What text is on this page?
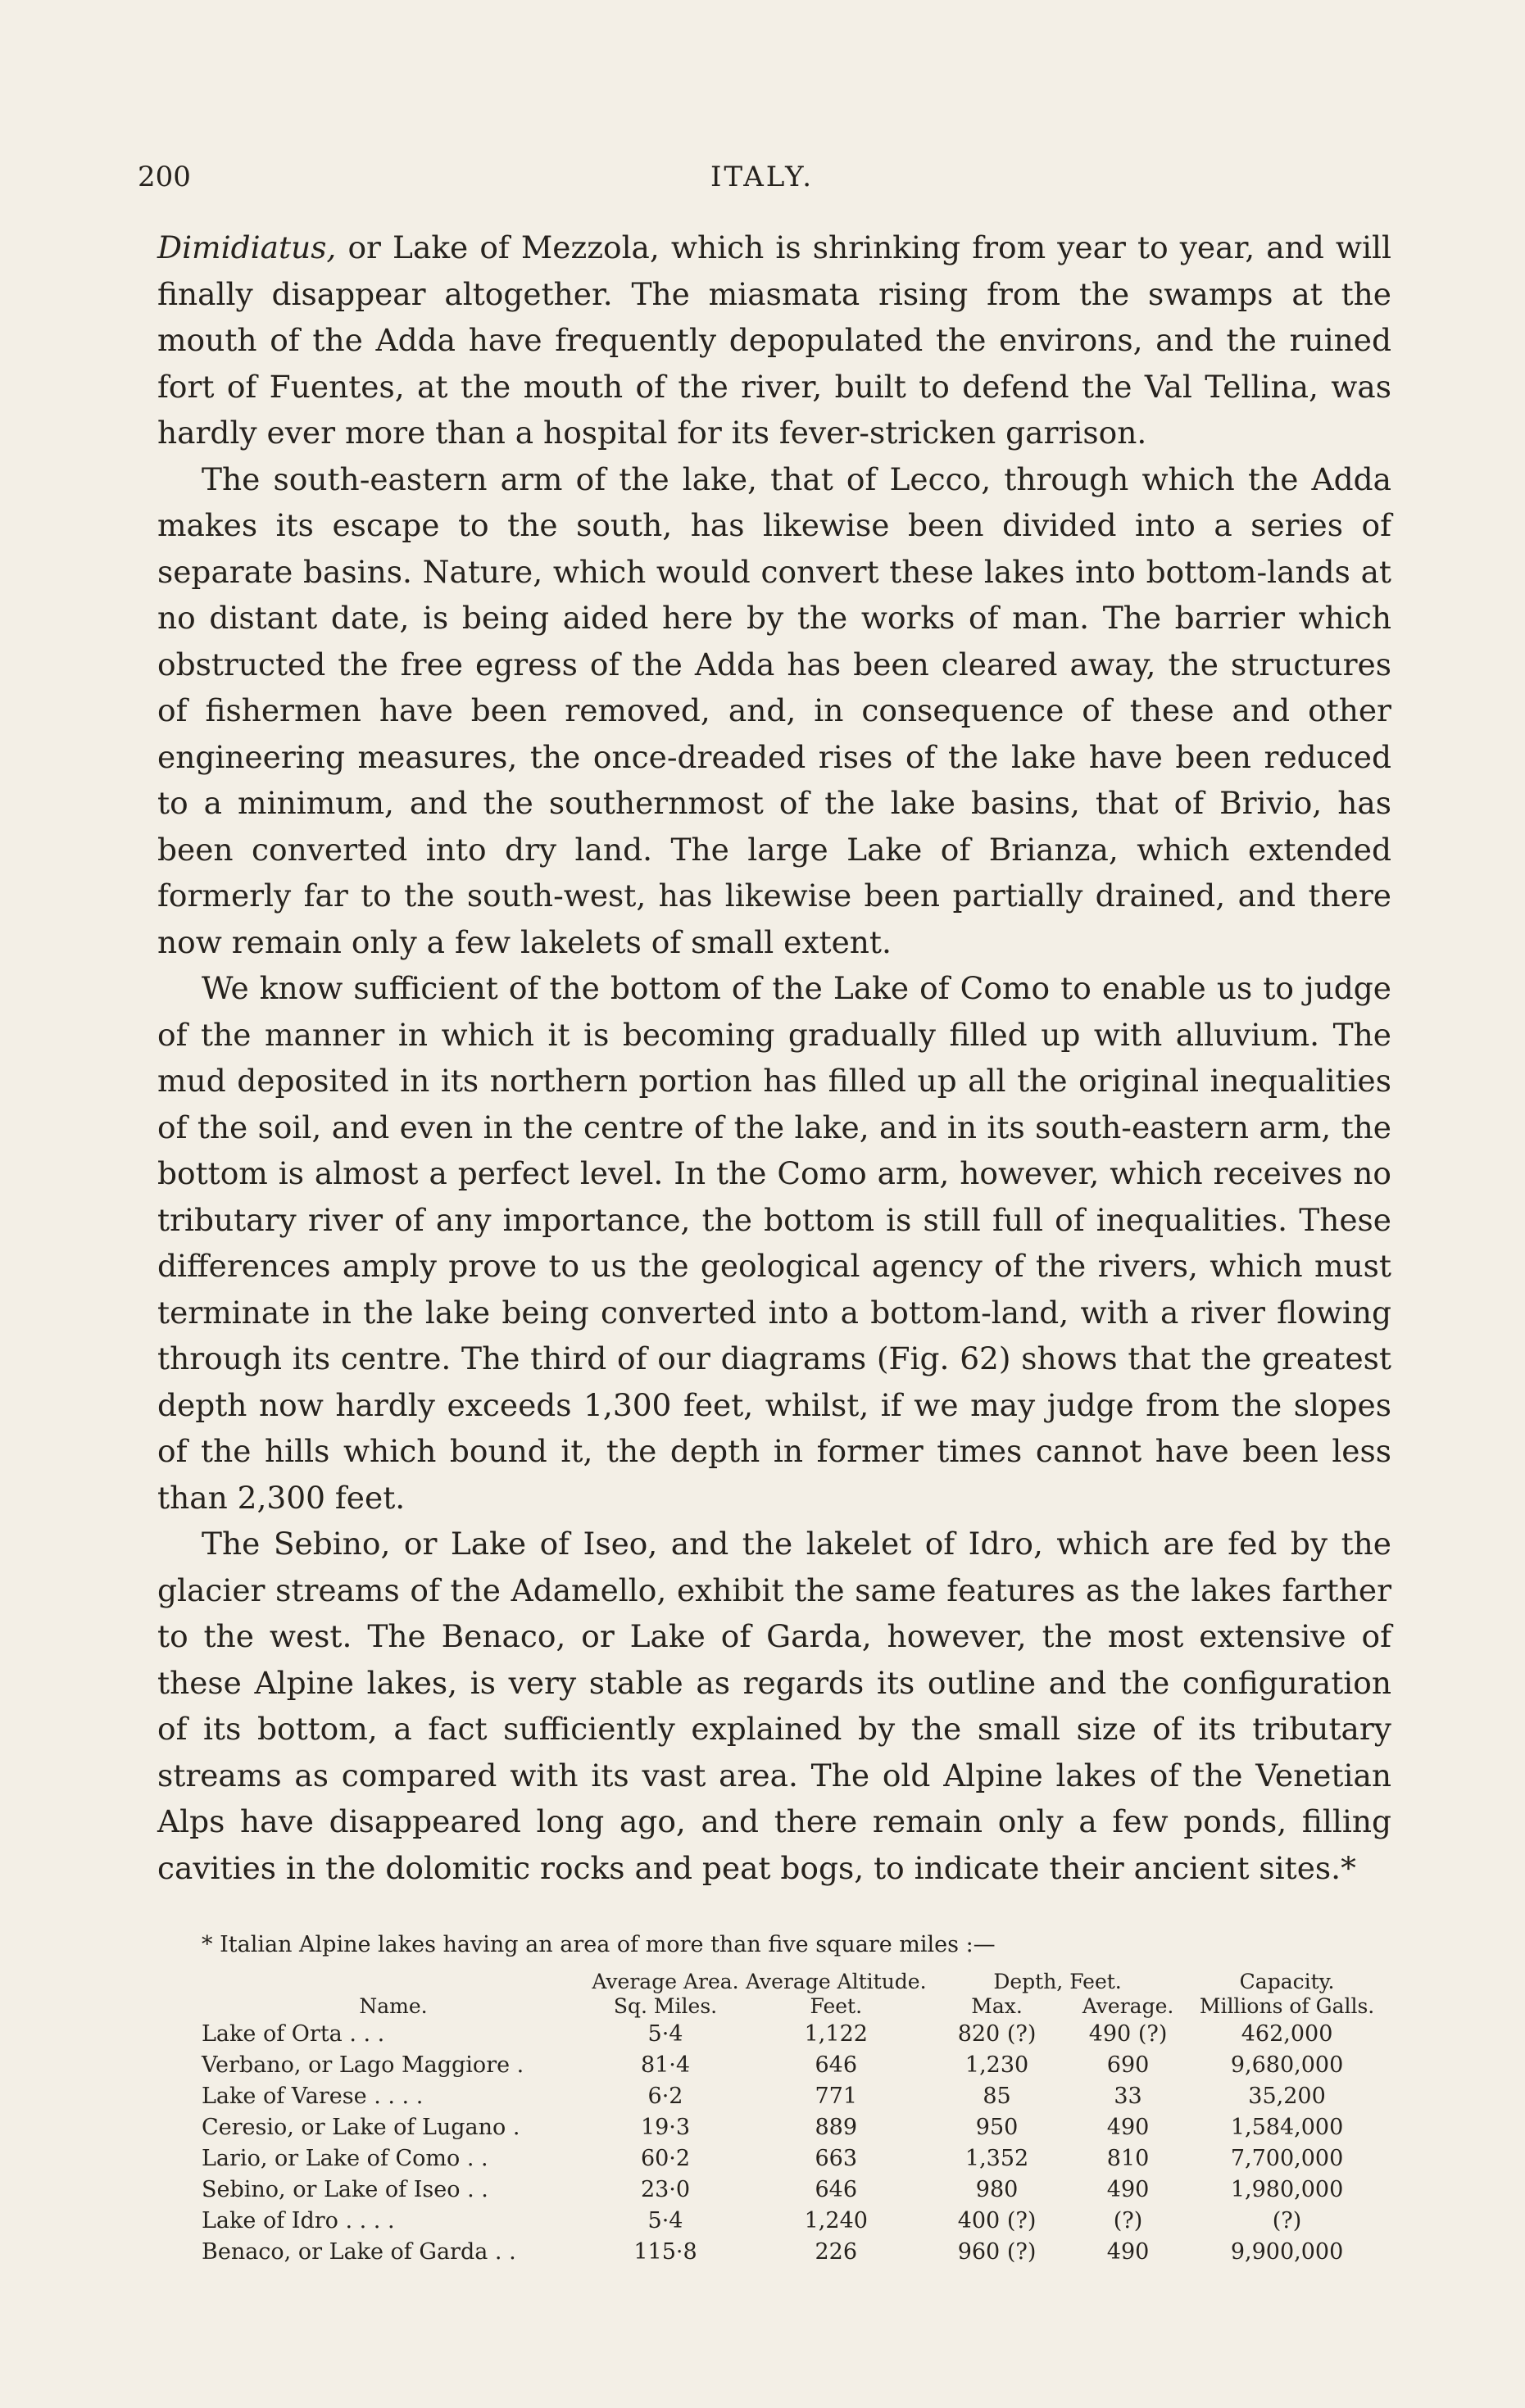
200	ITALY.

Dimidiatus, or Lake of Mezzola, which is shrinking from year to year, and will finally disappear altogether. The miasmata rising from the swamps at the mouth of the Adda have frequently depopulated the environs, and the ruined fort of Fuentes, at the mouth of the river, built to defend the Val Tellina, was hardly ever more than a hospital for its fever-stricken garrison.

The south-eastern arm of the lake, that of Lecco, through which the Adda makes its escape to the south, has likewise been divided into a series of separate basins. Nature, which would convert these lakes into bottom-lands at no distant date, is being aided here by the works of man. The barrier which obstructed the free egress of the Adda has been cleared away, the structures of fishermen have been removed, and, in consequence of these and other engineering measures, the once-dreaded rises of the lake have been reduced to a minimum, and the southernmost of the lake basins, that of Brivio, has been converted into dry land. The large Lake of Brianza, which extended formerly far to the south-west, has likewise been partially drained, and there now remain only a few lakelets of small extent.

We know sufficient of the bottom of the Lake of Como to enable us to judge of the manner in which it is becoming gradually filled up with alluvium. The mud deposited in its northern portion has filled up all the original inequalities of the soil, and even in the centre of the lake, and in its south-eastern arm, the bottom is almost a perfect level. In the Como arm, however, which receives no tributary river of any importance, the bottom is still full of inequalities. These differences amply prove to us the geological agency of the rivers, which must terminate in the lake being converted into a bottom-land, with a river flowing through its centre. The third of our diagrams (Fig. 62) shows that the greatest depth now hardly exceeds 1,300 feet, whilst, if we may judge from the slopes of the hills which bound it, the depth in former times cannot have been less than 2,300 feet.

The Sebino, or Lake of Iseo, and the lakelet of Idro, which are fed by the glacier streams of the Adamello, exhibit the same features as the lakes farther to the west. The Benaco, or Lake of Garda, however, the most extensive of these Alpine lakes, is very stable as regards its outline and the configuration of its bottom, a fact sufficiently explained by the small size of its tributary streams as compared with its vast area. The old Alpine lakes of the Venetian Alps have disappeared long ago, and there remain only a few ponds, filling cavities in the dolomitic rocks and peat bogs, to indicate their ancient sites.*

* Italian Alpine lakes having an area of more than five square miles :—
	Average Area.	Average Altitude.	Depth, Feet.		Capacity.
Name.	Sq. Miles.	Feet.	Max.	Average.	Millions of Galls.
Lake of Orta . . .	5·4	1,122	820 (?)	490 (?)	462,000
Verbano, or Lago Maggiore .	81·4	646	1,230	690	9,680,000
Lake of Varese . . . .	6·2	771	85	33	35,200
Ceresio, or Lake of Lugano .	19·3	889	950	490	1,584,000
Lario, or Lake of Como . .	60·2	663	1,352	810	7,700,000
Sebino, or Lake of Iseo . .	23·0	646	980	490	1,980,000
Lake of Idro . . . .	5·4	1,240	400 (?)	(?)	(?)
Benaco, or Lake of Garda . .	115·8	226	960 (?)	490	9,900,000
